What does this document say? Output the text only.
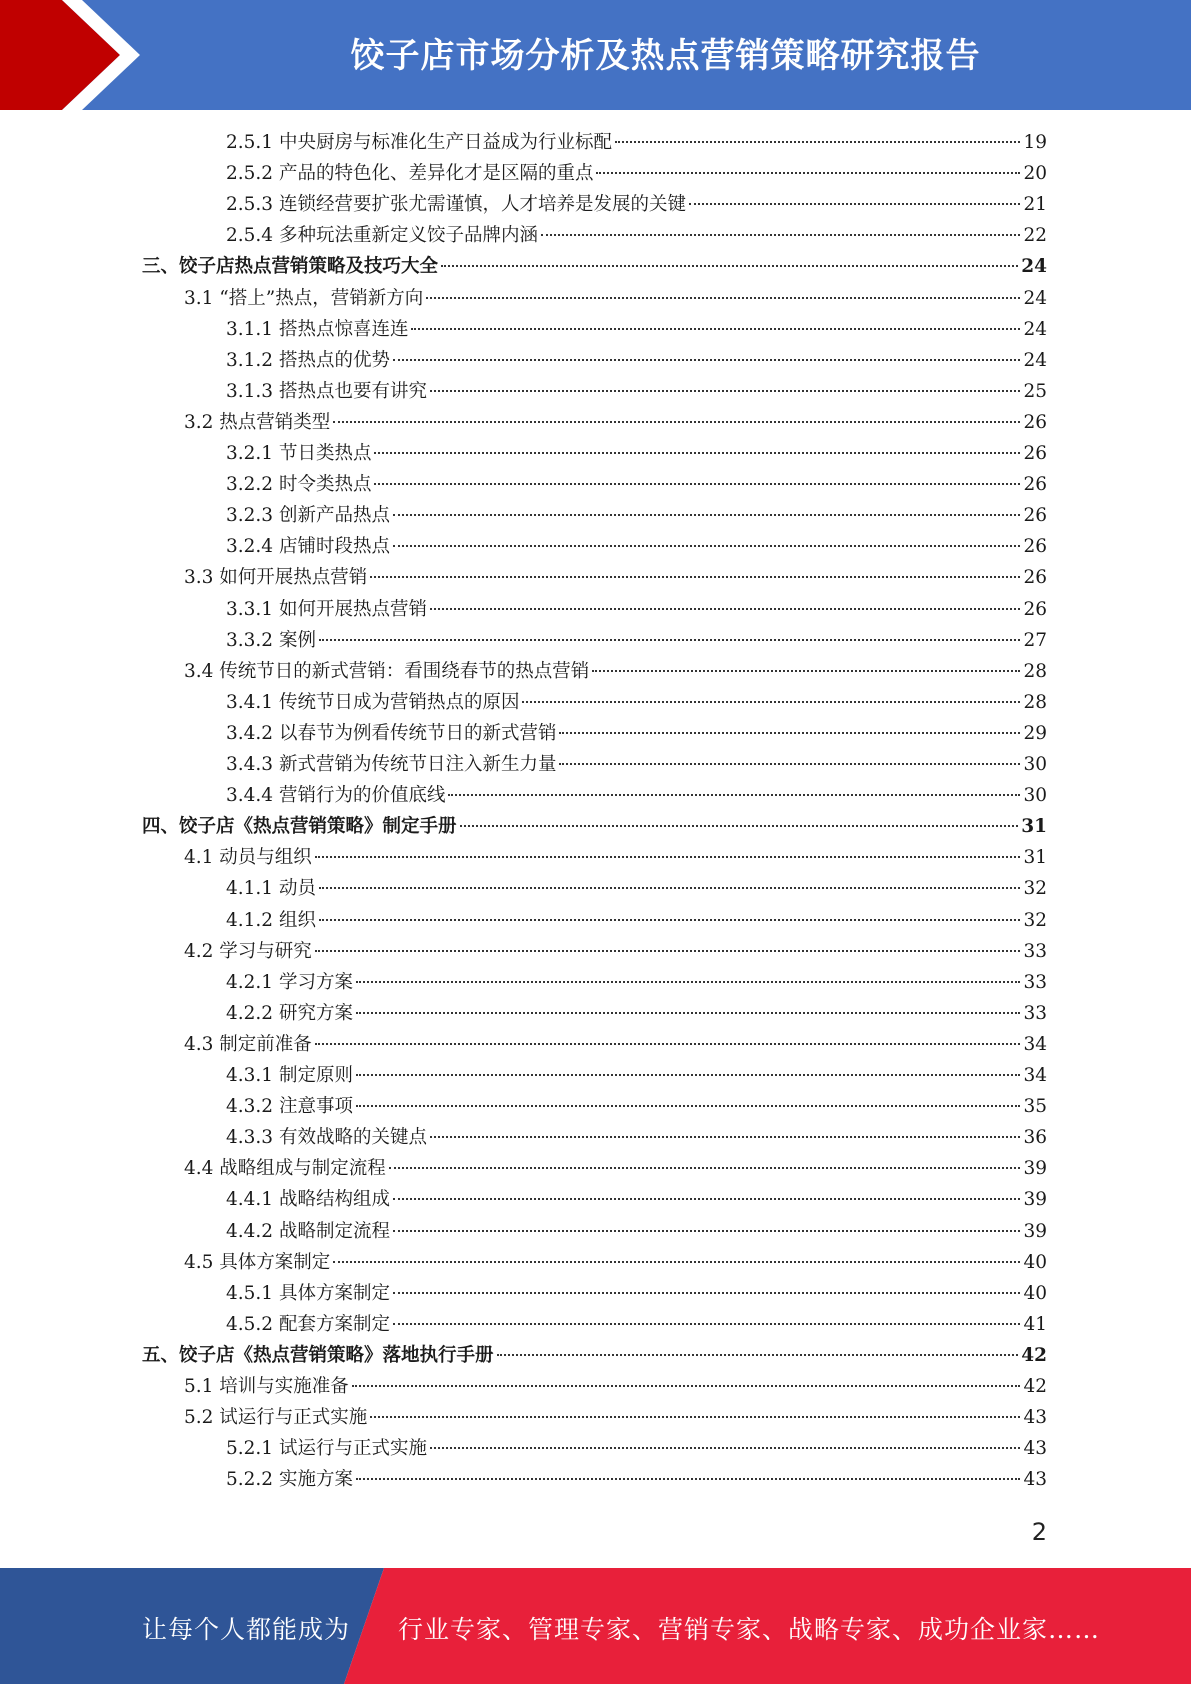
饺子店市场分析及热点营销策略研究报告
2.5.1 中央厨房与标准化生产日益成为行业标配	19
2.5.2 产品的特色化、差异化才是区隔的重点	20
2.5.3 连锁经营要扩张尤需谨慎，人才培养是发展的关键	21
2.5.4 多种玩法重新定义饺子品牌内涵	22
三、饺子店热点营销策略及技巧大全	24
3.1 “搭上”热点，营销新方向	24
3.1.1 搭热点惊喜连连	24
3.1.2 搭热点的优势	24
3.1.3 搭热点也要有讲究	25
3.2 热点营销类型	26
3.2.1 节日类热点	26
3.2.2 时令类热点	26
3.2.3 创新产品热点	26
3.2.4 店铺时段热点	26
3.3 如何开展热点营销	26
3.3.1 如何开展热点营销	26
3.3.2 案例	27
3.4 传统节日的新式营销：看围绕春节的热点营销	28
3.4.1 传统节日成为营销热点的原因	28
3.4.2 以春节为例看传统节日的新式营销	29
3.4.3 新式营销为传统节日注入新生力量	30
3.4.4 营销行为的价值底线	30
四、饺子店《热点营销策略》制定手册	31
4.1 动员与组织	31
4.1.1 动员	32
4.1.2 组织	32
4.2 学习与研究	33
4.2.1 学习方案	33
4.2.2 研究方案	33
4.3 制定前准备	34
4.3.1 制定原则	34
4.3.2 注意事项	35
4.3.3 有效战略的关键点	36
4.4 战略组成与制定流程	39
4.4.1 战略结构组成	39
4.4.2 战略制定流程	39
4.5 具体方案制定	40
4.5.1 具体方案制定	40
4.5.2 配套方案制定	41
五、饺子店《热点营销策略》落地执行手册	42
5.1 培训与实施准备	42
5.2 试运行与正式实施	43
5.2.1 试运行与正式实施	43
5.2.2 实施方案	43
2
让每个人都能成为 行业专家、管理专家、营销专家、战略专家、成功企业家……
